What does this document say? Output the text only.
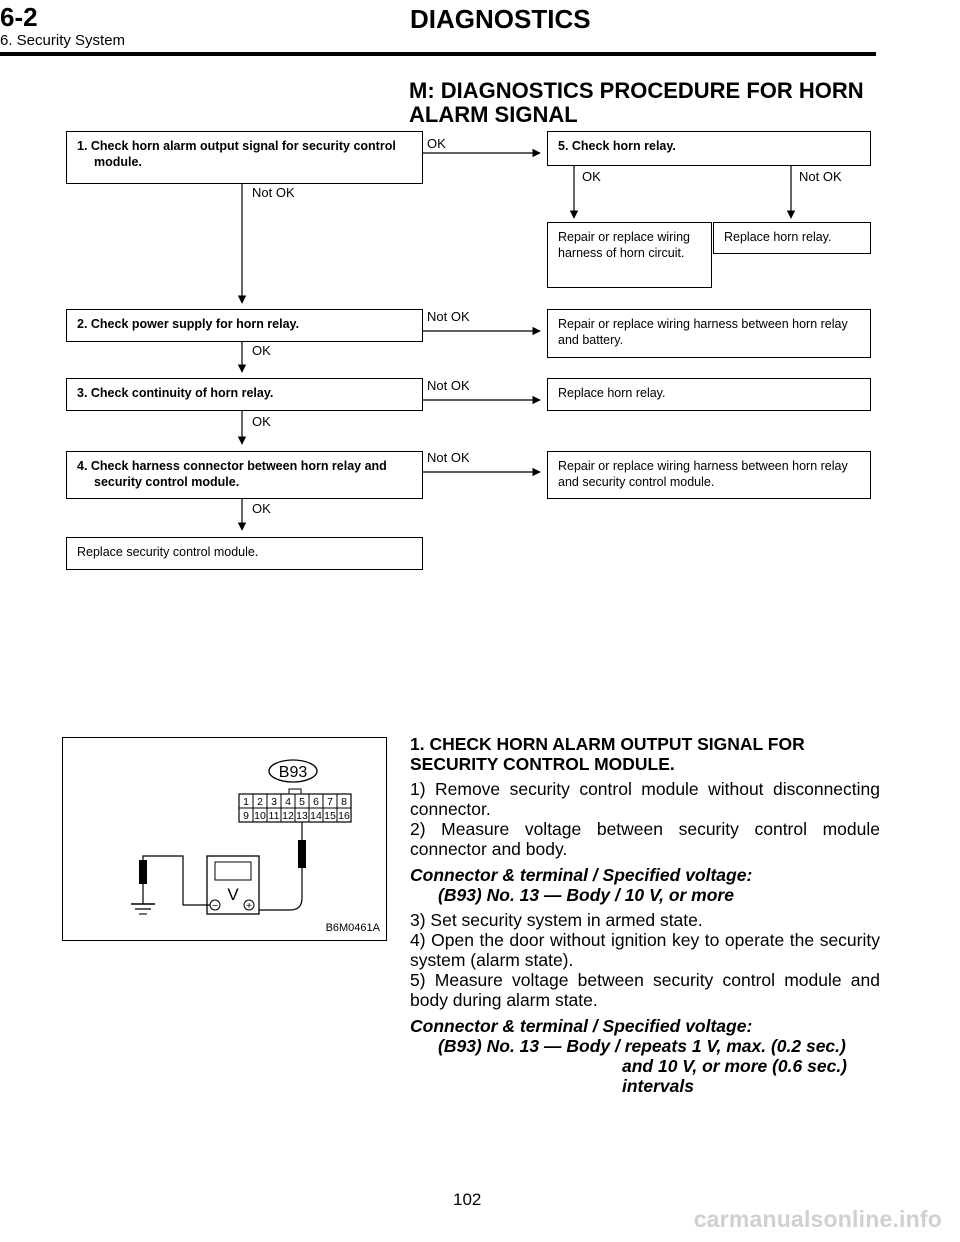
6-2	DIAGNOSTICS
6. Security System
M: DIAGNOSTICS PROCEDURE FOR HORN
ALARM SIGNAL
1. Check horn alarm output signal for security control module.
5. Check horn relay.
Repair or replace wiring harness of horn circuit.
Replace horn relay.
2. Check power supply for horn relay.	Repair or replace wiring harness between horn relay and battery.
3. Check continuity of horn relay.	Replace horn relay.
4. Check harness connector between horn relay and security control module.
Repair or replace wiring harness between horn relay and security control module.
Replace security control module.
OK
Not OK
OK	Not OK
Not OK
OK
Not OK
OK
Not OK
OK
B93
1 2 3 4 5 6 7 8
9 10 11 12 13 14 15 16
V
−	+
B6M0461A
1. CHECK HORN ALARM OUTPUT SIGNAL FOR
SECURITY CONTROL MODULE.
1) Remove security control module without disconnecting connector.
2) Measure voltage between security control module connector and body.
Connector & terminal / Specified voltage:
(B93) No. 13 — Body / 10 V, or more
3) Set security system in armed state.
4) Open the door without ignition key to operate the security system (alarm state).
5) Measure voltage between security control module and body during alarm state.
Connector & terminal / Specified voltage:
(B93) No. 13 — Body / repeats 1 V, max. (0.2 sec.)
and 10 V, or more (0.6 sec.)
intervals
102
carmanualsonline.info
